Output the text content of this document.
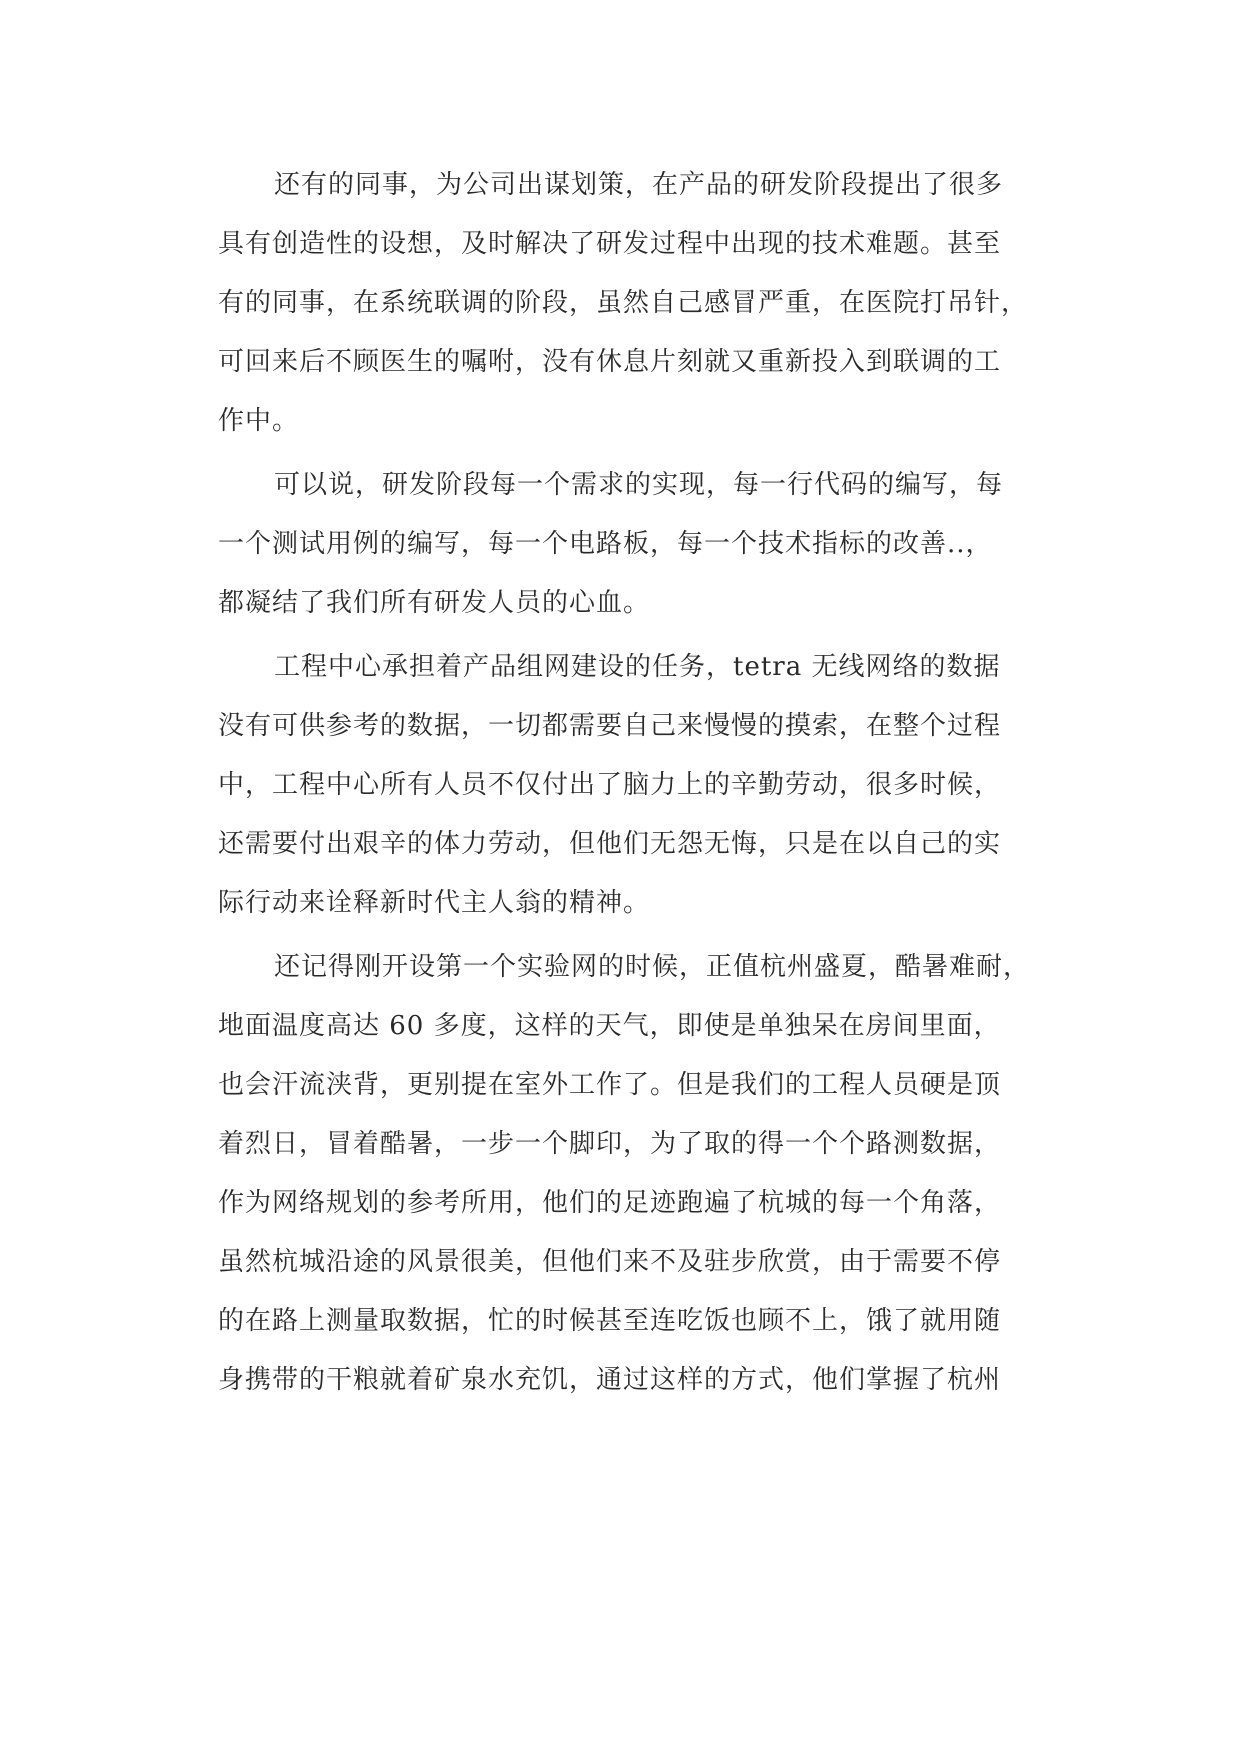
还有的同事，为公司出谋划策，在产品的研发阶段提出了很多
具有创造性的设想，及时解决了研发过程中出现的技术难题。甚至
有的同事，在系统联调的阶段，虽然自己感冒严重，在医院打吊针，
可回来后不顾医生的嘱咐，没有休息片刻就又重新投入到联调的工
作中。
可以说，研发阶段每一个需求的实现，每一行代码的编写，每
一个测试用例的编写，每一个电路板，每一个技术指标的改善..，
都凝结了我们所有研发人员的心血。
工程中心承担着产品组网建设的任务，tetra 无线网络的数据
没有可供参考的数据，一切都需要自己来慢慢的摸索，在整个过程
中，工程中心所有人员不仅付出了脑力上的辛勤劳动，很多时候，
还需要付出艰辛的体力劳动，但他们无怨无悔，只是在以自己的实
际行动来诠释新时代主人翁的精神。
还记得刚开设第一个实验网的时候，正值杭州盛夏，酷暑难耐，
地面温度高达 60 多度，这样的天气，即使是单独呆在房间里面，
也会汗流浃背，更别提在室外工作了。但是我们的工程人员硬是顶
着烈日，冒着酷暑，一步一个脚印，为了取的得一个个路测数据，
作为网络规划的参考所用，他们的足迹跑遍了杭城的每一个角落，
虽然杭城沿途的风景很美，但他们来不及驻步欣赏，由于需要不停
的在路上测量取数据，忙的时候甚至连吃饭也顾不上，饿了就用随
身携带的干粮就着矿泉水充饥，通过这样的方式，他们掌握了杭州
